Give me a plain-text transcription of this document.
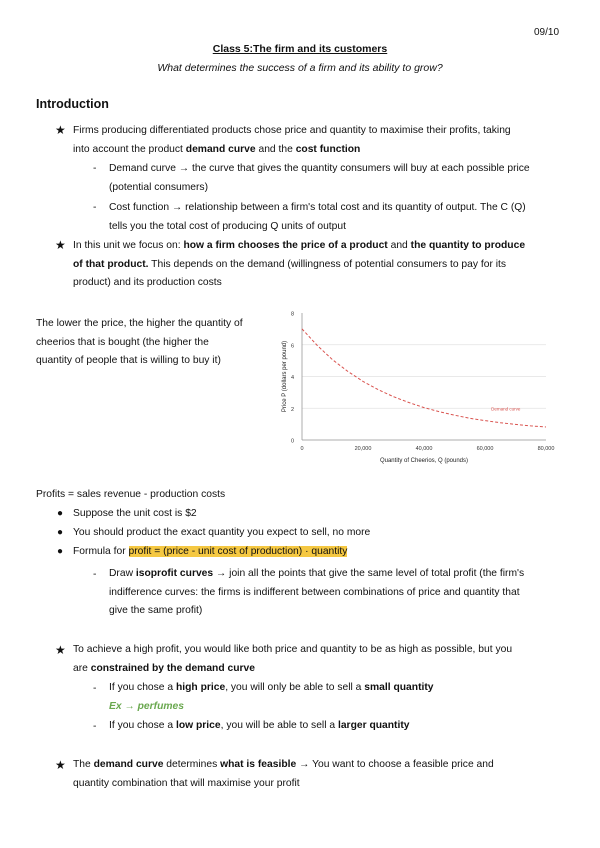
09/10
Class 5:The firm and its customers
What determines the success of a firm and its ability to grow?
Introduction
★ Firms producing differentiated products chose price and quantity to maximise their profits, taking
into account the product demand curve and the cost function
- Demand curve → the curve that gives the quantity consumers will buy at each possible price
(potential consumers)
- Cost function → relationship between a firm's total cost and its quantity of output. The C (Q)
tells you the total cost of producing Q units of output
★ In this unit we focus on: how a firm chooses the price of a product and the quantity to produce
of that product. This depends on the demand (willingness of potential consumers to pay for its
product) and its production costs
The lower the price, the higher the quantity of
cheerios that is bought (the higher the
quantity of people that is willing to buy it)
0
2
4
6
8
0	20,000	40,000	60,000	80,000
Quantity of Cheerios, Q (pounds)
Price P (dollars per pound)	Demand curve
Profits = sales revenue - production costs
● Suppose the unit cost is $2
● You should product the exact quantity you expect to sell, no more
● Formula for profit = (price - unit cost of production) · quantity
- Draw isoprofit curves → join all the points that give the same level of total profit (the firm's
indifference curves: the firms is indifferent between combinations of price and quantity that
give the same profit)
★ To achieve a high profit, you would like both price and quantity to be as high as possible, but you
are constrained by the demand curve
- If you chose a high price, you will only be able to sell a small quantity
Ex → perfumes
- If you chose a low price, you will be able to sell a larger quantity
★ The demand curve determines what is feasible → You want to choose a feasible price and
quantity combination that will maximise your profit
